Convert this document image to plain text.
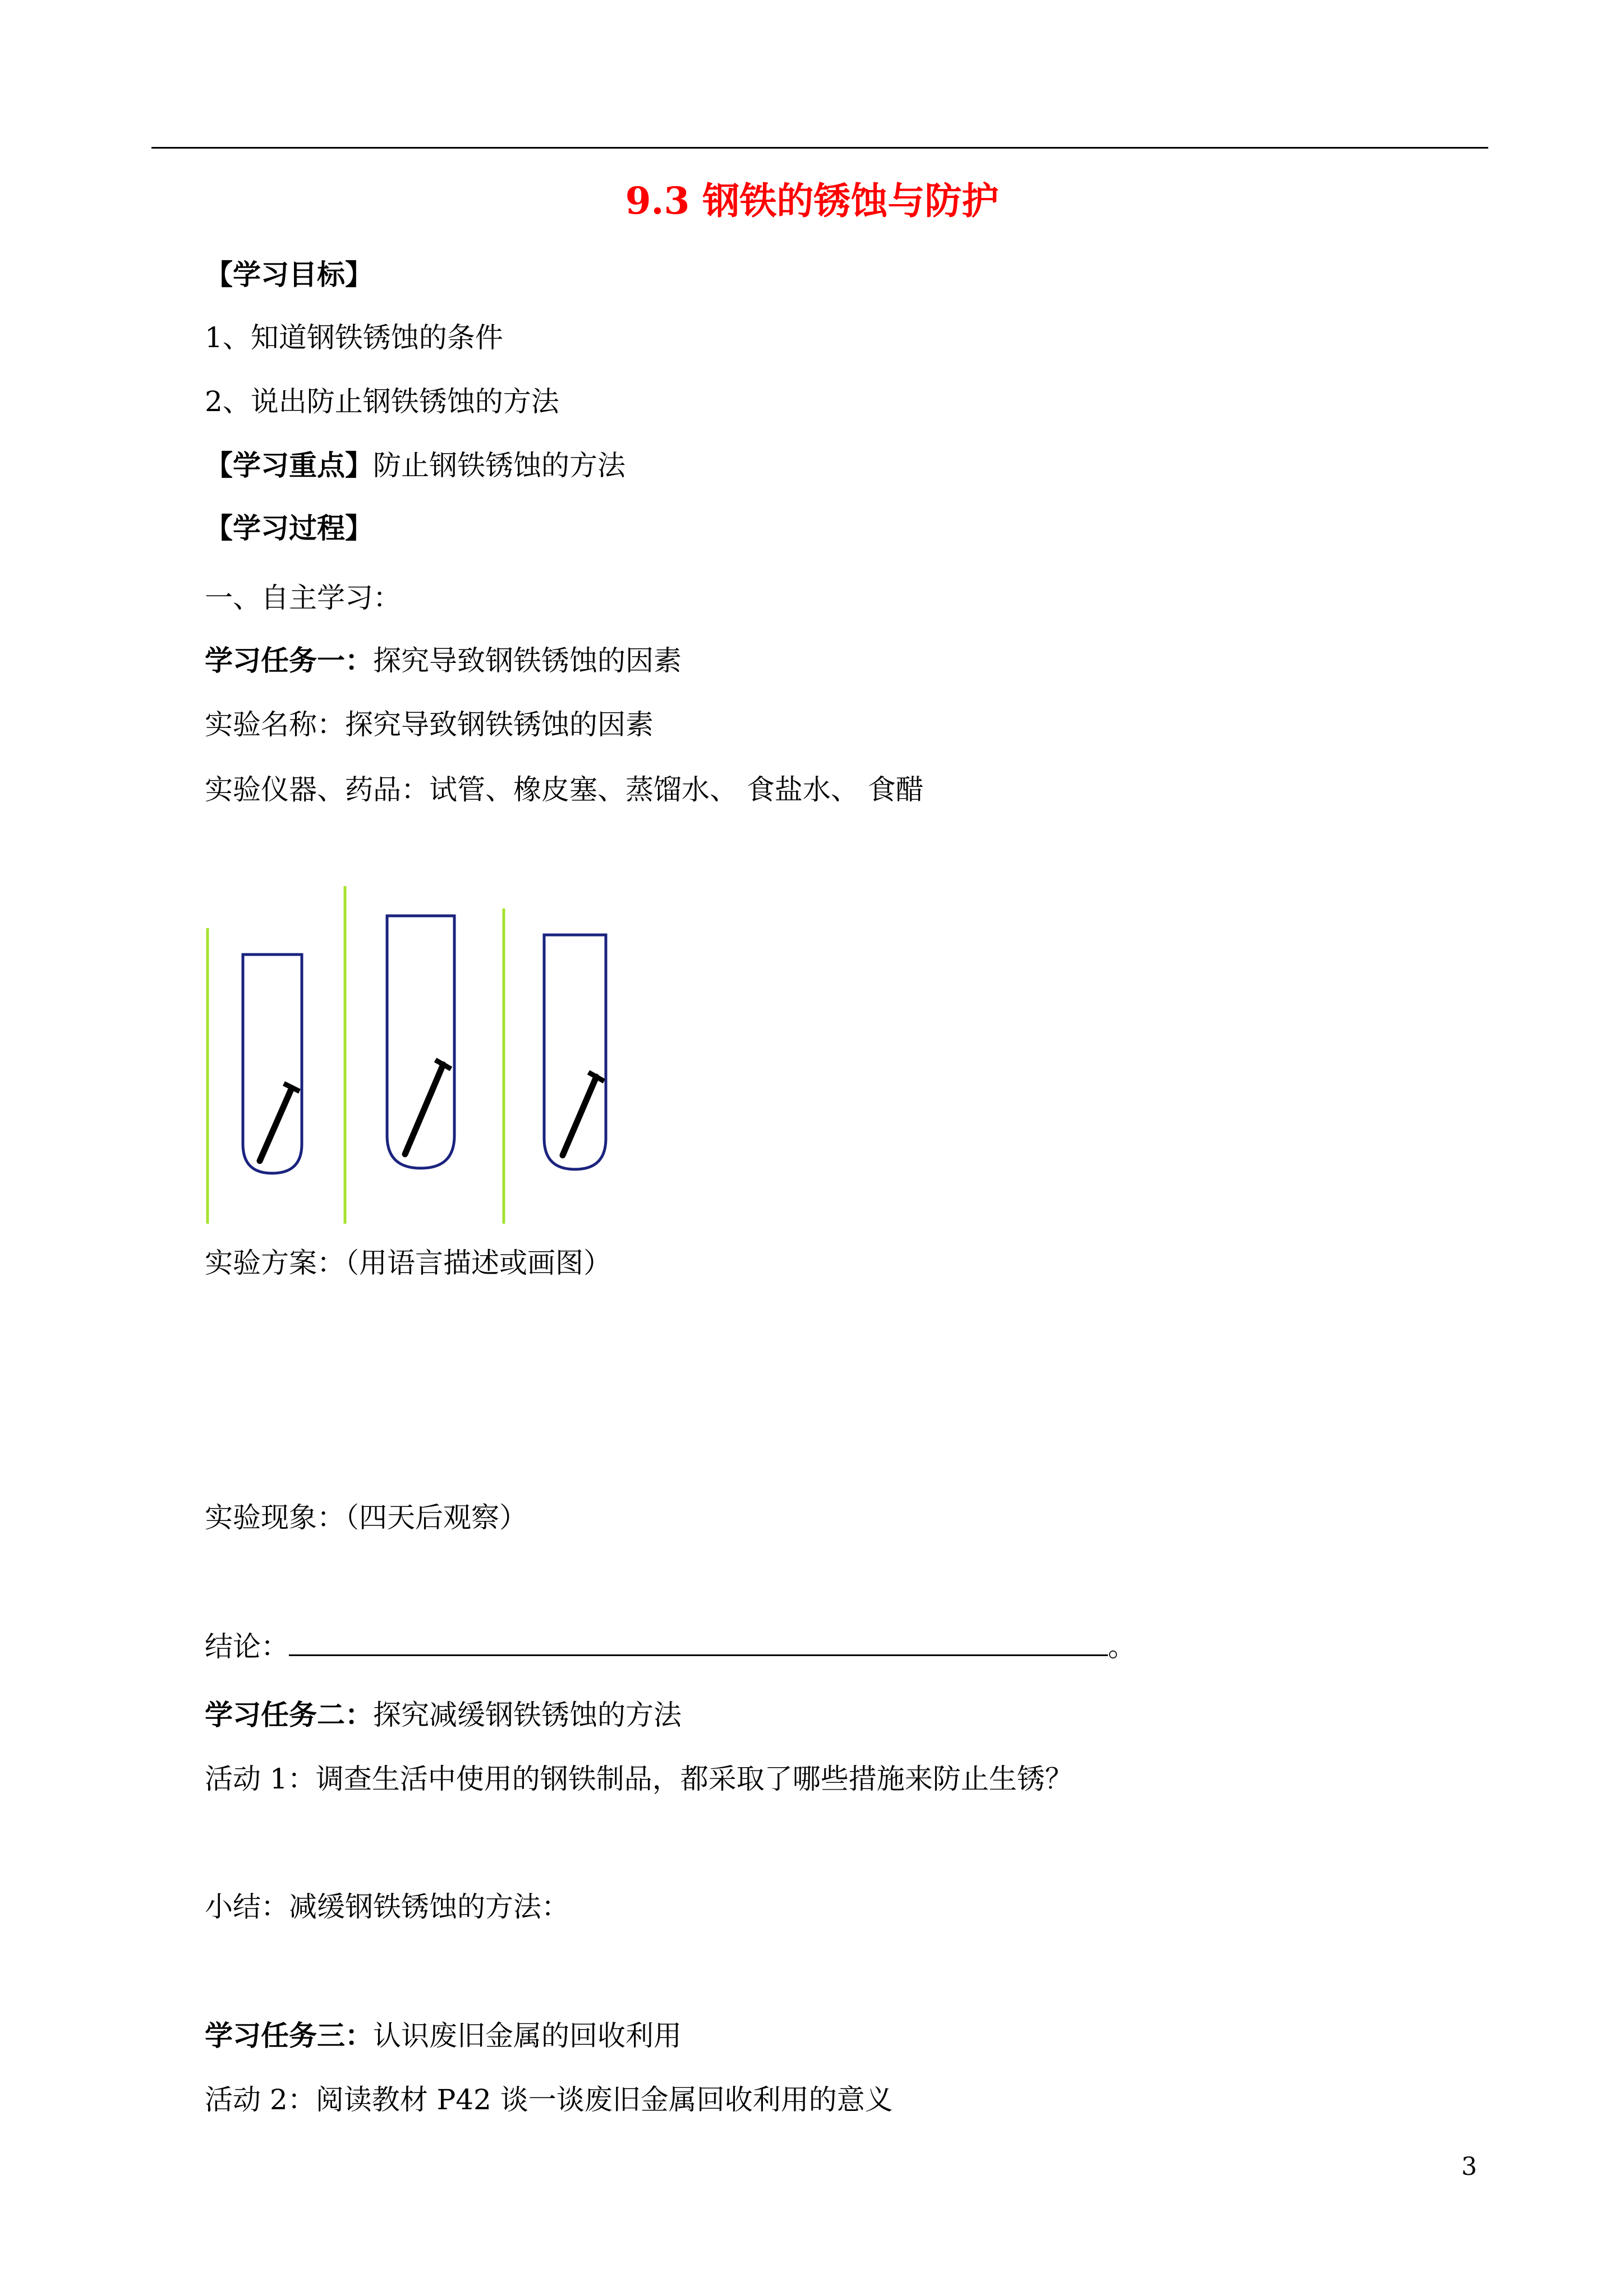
9.3 钢铁的锈蚀与防护
【学习目标】
1、知道钢铁锈蚀的条件
2、说出防止钢铁锈蚀的方法
【学习重点】防止钢铁锈蚀的方法
【学习过程】
一、自主学习：
学习任务一：探究导致钢铁锈蚀的因素
实验名称：探究导致钢铁锈蚀的因素
实验仪器、药品：试管、橡皮塞、蒸馏水、 食盐水、 食醋
实验方案：（用语言描述或画图）
实验现象：（四天后观察）
结论：	。
学习任务二：探究减缓钢铁锈蚀的方法
活动 1：调查生活中使用的钢铁制品，都采取了哪些措施来防止生锈？
小结：减缓钢铁锈蚀的方法：
学习任务三：认识废旧金属的回收利用
活动 2：阅读教材 P42 谈一谈废旧金属回收利用的意义
3
